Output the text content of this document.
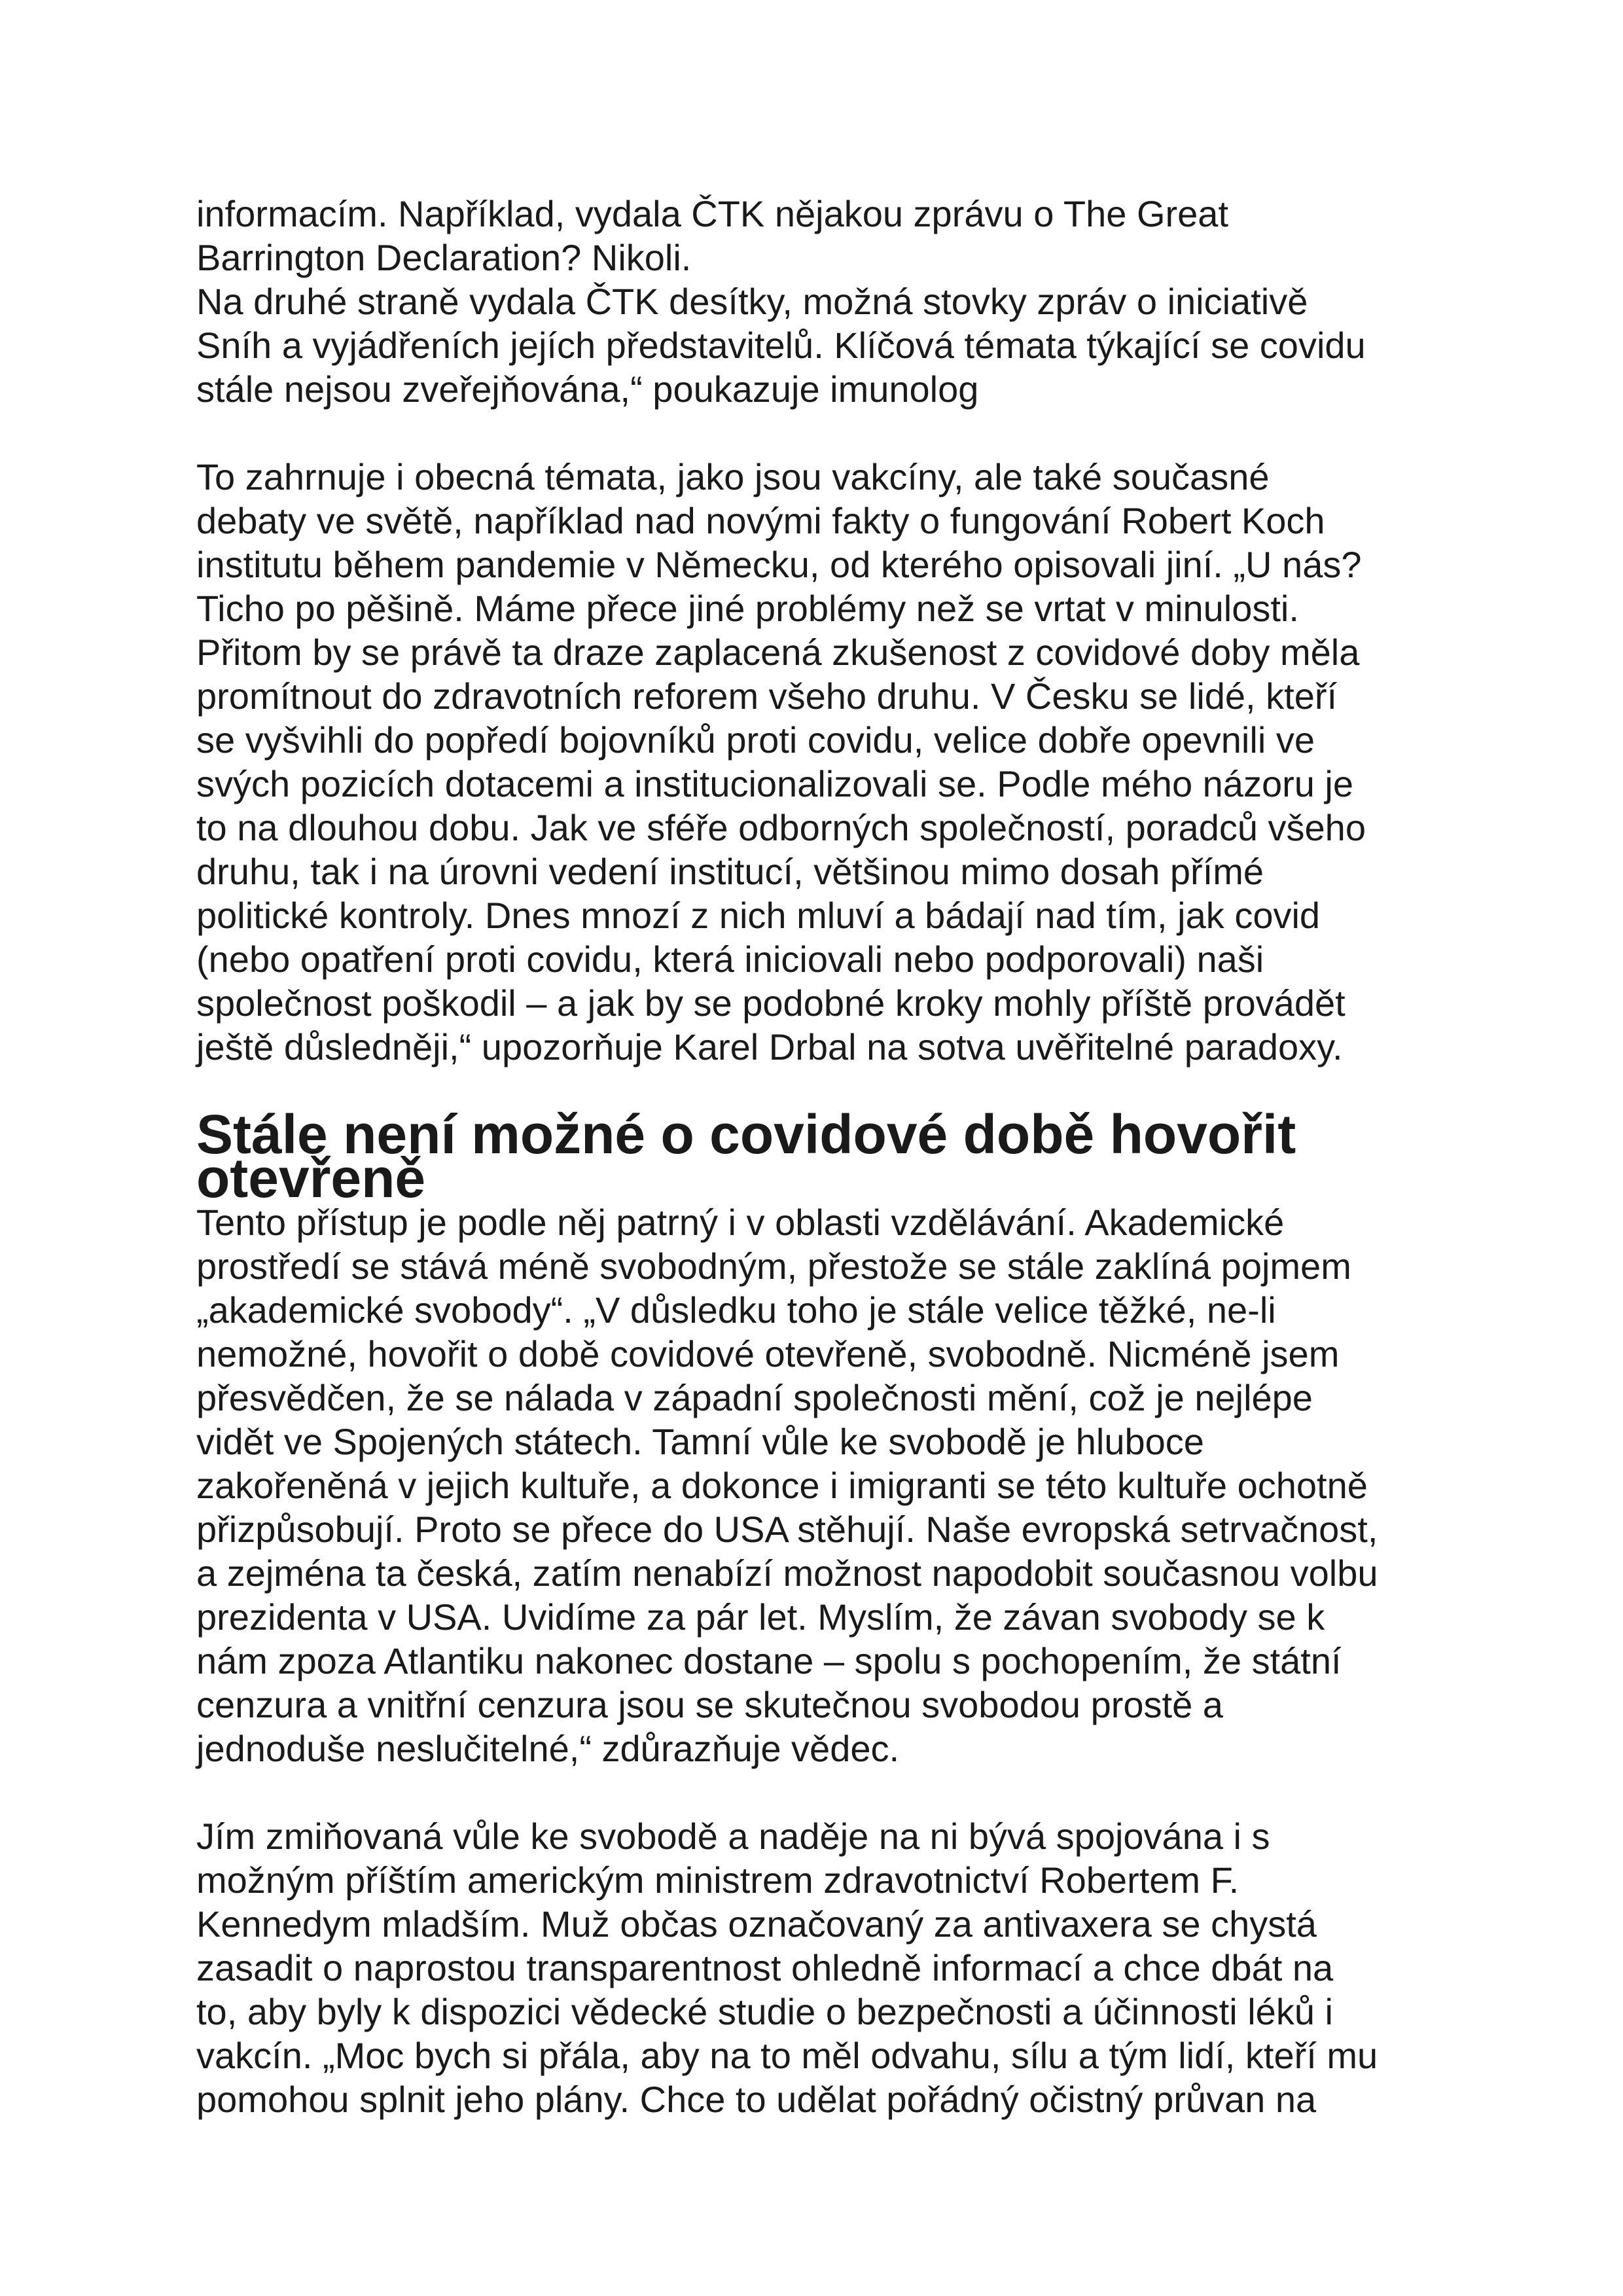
informacím. Například, vydala ČTK nějakou zprávu o The Great
Barrington Declaration? Nikoli.

Na druhé straně vydala ČTK desítky, možná stovky zpráv o iniciativě
Sníh a vyjádřeních jejích představitelů. Klíčová témata týkající se covidu
stále nejsou zveřejňována,“ poukazuje imunolog

To zahrnuje i obecná témata, jako jsou vakcíny, ale také současné
debaty ve světě, například nad novými fakty o fungování Robert Koch
institutu během pandemie v Německu, od kterého opisovali jiní. „U nás?
Ticho po pěšině. Máme přece jiné problémy než se vrtat v minulosti.
Přitom by se právě ta draze zaplacená zkušenost z covidové doby měla
promítnout do zdravotních reforem všeho druhu. V Česku se lidé, kteří
se vyšvihli do popředí bojovníků proti covidu, velice dobře opevnili ve
svých pozicích dotacemi a institucionalizovali se. Podle mého názoru je
to na dlouhou dobu. Jak ve sféře odborných společností, poradců všeho
druhu, tak i na úrovni vedení institucí, většinou mimo dosah přímé
politické kontroly. Dnes mnozí z nich mluví a bádají nad tím, jak covid
(nebo opatření proti covidu, která iniciovali nebo podporovali) naši
společnost poškodil – a jak by se podobné kroky mohly příště provádět
ještě důsledněji,“ upozorňuje Karel Drbal na sotva uvěřitelné paradoxy.

Stále není možné o covidové době hovořit otevřeně

Tento přístup je podle něj patrný i v oblasti vzdělávání. Akademické
prostředí se stává méně svobodným, přestože se stále zaklíná pojmem
„akademické svobody“. „V důsledku toho je stále velice těžké, ne-li
nemožné, hovořit o době covidové otevřeně, svobodně. Nicméně jsem
přesvědčen, že se nálada v západní společnosti mění, což je nejlépe
vidět ve Spojených státech. Tamní vůle ke svobodě je hluboce
zakořeněná v jejich kultuře, a dokonce i imigranti se této kultuře ochotně
přizpůsobují. Proto se přece do USA stěhují. Naše evropská setrvačnost,
a zejména ta česká, zatím nenabízí možnost napodobit současnou volbu
prezidenta v USA. Uvidíme za pár let. Myslím, že závan svobody se k
nám zpoza Atlantiku nakonec dostane – spolu s pochopením, že státní
cenzura a vnitřní cenzura jsou se skutečnou svobodou prostě a
jednoduše neslučitelné,“ zdůrazňuje vědec.

Jím zmiňovaná vůle ke svobodě a naděje na ni bývá spojována i s
možným příštím americkým ministrem zdravotnictví Robertem F.
Kennedym mladším. Muž občas označovaný za antivaxera se chystá
zasadit o naprostou transparentnost ohledně informací a chce dbát na
to, aby byly k dispozici vědecké studie o bezpečnosti a účinnosti léků i
vakcín. „Moc bych si přála, aby na to měl odvahu, sílu a tým lidí, kteří mu
pomohou splnit jeho plány. Chce to udělat pořádný očistný průvan na
